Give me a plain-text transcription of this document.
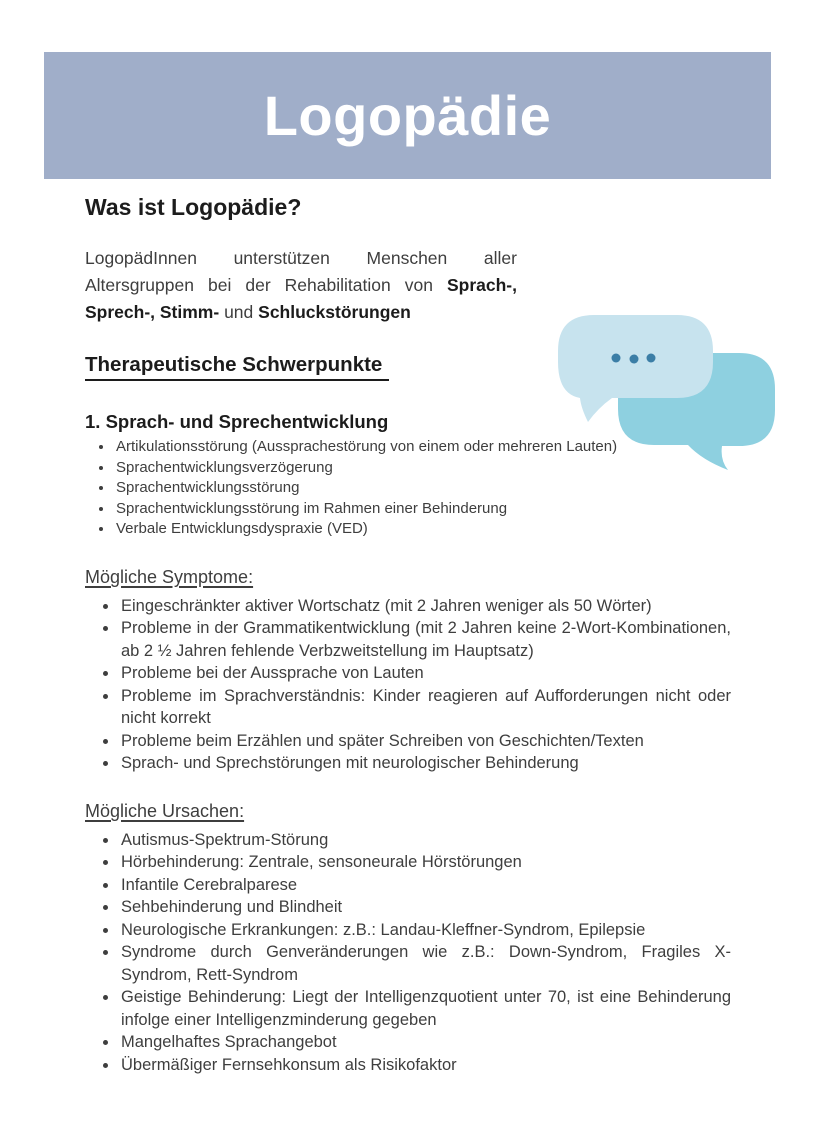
Logopädie
Was ist Logopädie?

LogopädInnen unterstützen Menschen aller Altersgruppen bei der Rehabilitation von Sprach-, Sprech-, Stimm- und Schluckstörungen

Therapeutische Schwerpunkte
1. Sprach- und Sprechentwicklung
• Artikulationsstörung (Aussprachestörung von einem oder mehreren Lauten)
• Sprachentwicklungsverzögerung
• Sprachentwicklungsstörung
• Sprachentwicklungsstörung im Rahmen einer Behinderung
• Verbale Entwicklungsdyspraxie (VED)
Mögliche Symptome:
• Eingeschränkter aktiver Wortschatz (mit 2 Jahren weniger als 50 Wörter)
• Probleme in der Grammatikentwicklung (mit 2 Jahren keine 2-Wort-Kombinationen, ab 2 ½ Jahren fehlende Verbzweitstellung im Hauptsatz)
• Probleme bei der Aussprache von Lauten
• Probleme im Sprachverständnis: Kinder reagieren auf Aufforderungen nicht oder nicht korrekt
• Probleme beim Erzählen und später Schreiben von Geschichten/Texten
• Sprach- und Sprechstörungen mit neurologischer Behinderung
Mögliche Ursachen:
• Autismus-Spektrum-Störung
• Hörbehinderung: Zentrale, sensoneurale Hörstörungen
• Infantile Cerebralparese
• Sehbehinderung und Blindheit
• Neurologische Erkrankungen: z.B.: Landau-Kleffner-Syndrom, Epilepsie
• Syndrome durch Genveränderungen wie z.B.: Down-Syndrom, Fragiles X-Syndrom, Rett-Syndrom
• Geistige Behinderung: Liegt der Intelligenzquotient unter 70, ist eine Behinderung infolge einer Intelligenzminderung gegeben
• Mangelhaftes Sprachangebot
• Übermäßiger Fernsehkonsum als Risikofaktor
